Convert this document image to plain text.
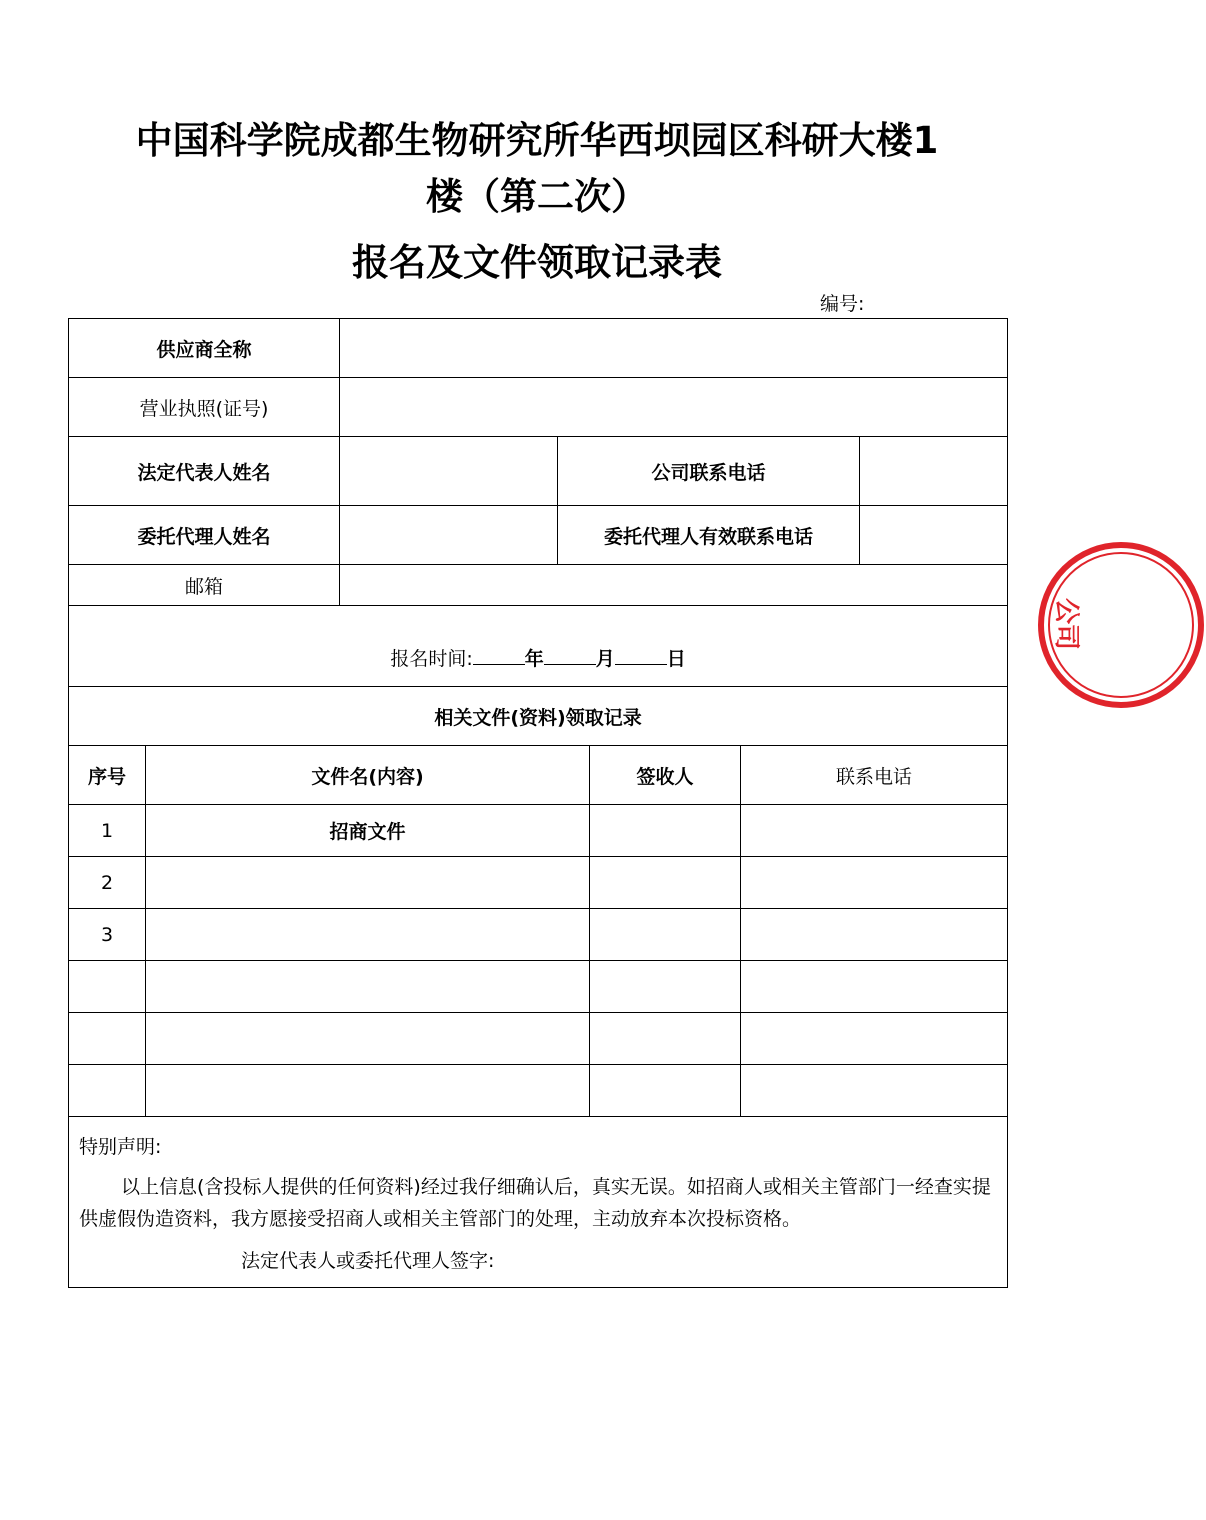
中国科学院成都生物研究所华西坝园区科研大楼1
楼（第二次）
报名及文件领取记录表
编号:
供应商全称						
营业执照(证号)						
法定代表人姓名			公司联系电话			
委托代理人姓名			委托代理人有效联系电话			
邮箱						
报名时间: 年 月 日						
相关文件(资料)领取记录						
序号	文件名(内容)			签收人	联系电话	
1	招商文件					
2						
3						

特别声明:
以上信息(含投标人提供的任何资料)经过我仔细确认后，真实无误。如招商人或相关主管部门一经查实提供虚假伪造资料，我方愿接受招商人或相关主管部门的处理，主动放弃本次投标资格。
法定代表人或委托代理人签字:						
公司
